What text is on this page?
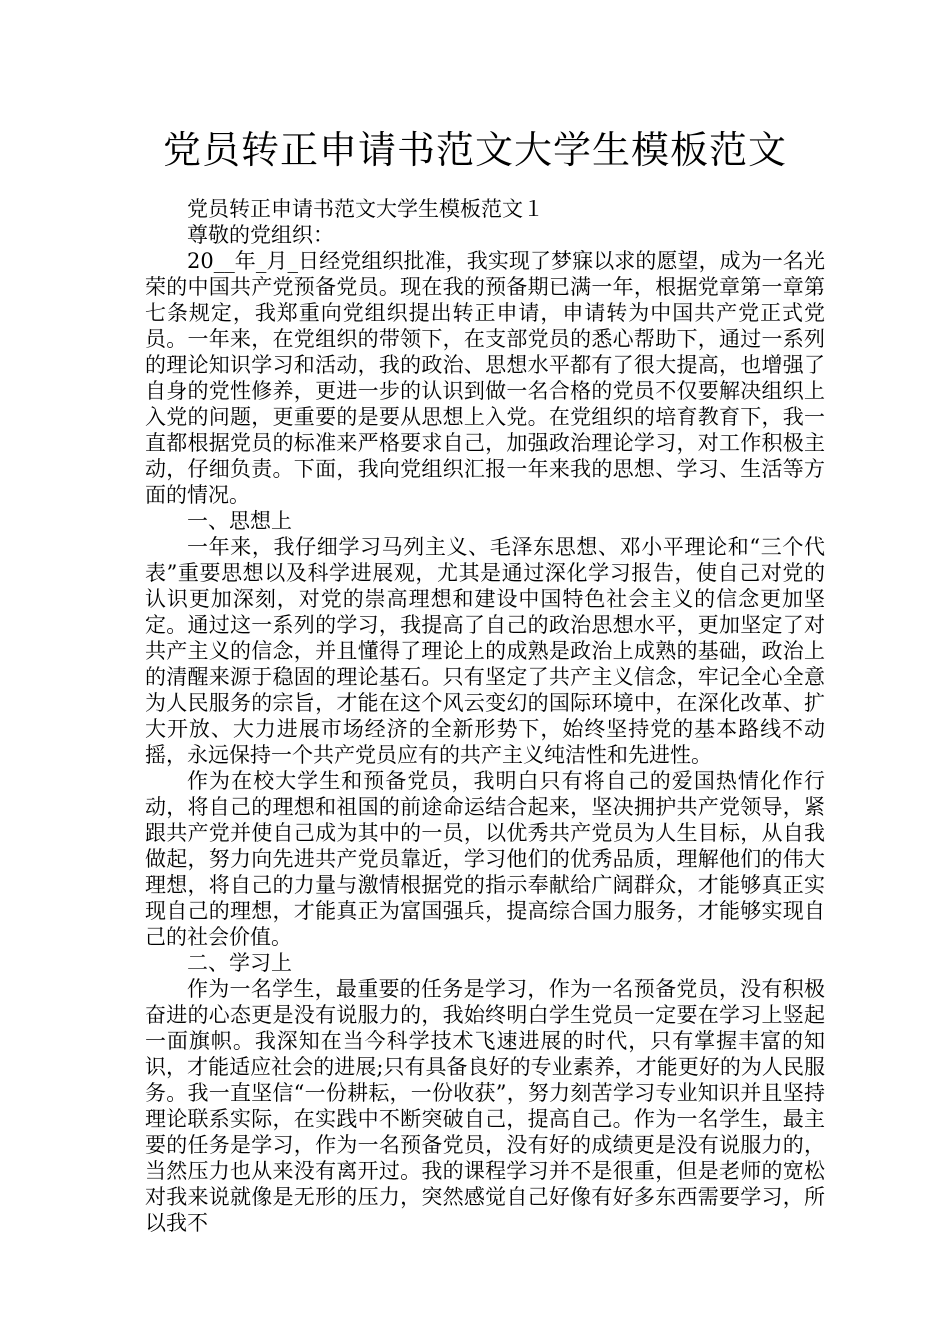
党员转正申请书范文大学生模板范文

党员转正申请书范文大学生模板范文１

尊敬的党组织：

20__年_月_日经党组织批准，我实现了梦寐以求的愿望，成为一名光荣的中国共产党预备党员。现在我的预备期已满一年，根据党章第一章第七条规定，我郑重向党组织提出转正申请，申请转为中国共产党正式党员。一年来，在党组织的带领下，在支部党员的悉心帮助下，通过一系列的理论知识学习和活动，我的政治、思想水平都有了很大提高，也增强了自身的党性修养，更进一步的认识到做一名合格的党员不仅要解决组织上入党的问题，更重要的是要从思想上入党。在党组织的培育教育下，我一直都根据党员的标准来严格要求自己，加强政治理论学习，对工作积极主动，仔细负责。下面，我向党组织汇报一年来我的思想、学习、生活等方面的情况。

一、思想上

一年来，我仔细学习马列主义、毛泽东思想、邓小平理论和“三个代表”重要思想以及科学进展观，尤其是通过深化学习报告，使自己对党的认识更加深刻，对党的崇高理想和建设中国特色社会主义的信念更加坚定。通过这一系列的学习，我提高了自己的政治思想水平，更加坚定了对共产主义的信念，并且懂得了理论上的成熟是政治上成熟的基础，政治上的清醒来源于稳固的理论基石。只有坚定了共产主义信念，牢记全心全意为人民服务的宗旨，才能在这个风云变幻的国际环境中，在深化改革、扩大开放、大力进展市场经济的全新形势下，始终坚持党的基本路线不动摇，永远保持一个共产党员应有的共产主义纯洁性和先进性。

作为在校大学生和预备党员，我明白只有将自己的爱国热情化作行动，将自己的理想和祖国的前途命运结合起来，坚决拥护共产党领导，紧跟共产党并使自己成为其中的一员，以优秀共产党员为人生目标，从自我做起，努力向先进共产党员靠近，学习他们的优秀品质，理解他们的伟大理想，将自己的力量与激情根据党的指示奉献给广阔群众，才能够真正实现自己的理想，才能真正为富国强兵，提高综合国力服务，才能够实现自己的社会价值。

二、学习上

作为一名学生，最重要的任务是学习，作为一名预备党员，没有积极奋进的心态更是没有说服力的，我始终明白学生党员一定要在学习上竖起一面旗帜。我深知在当今科学技术飞速进展的时代，只有掌握丰富的知识，才能适应社会的进展;只有具备良好的专业素养，才能更好的为人民服务。我一直坚信“一份耕耘，一份收获”，努力刻苦学习专业知识并且坚持理论联系实际，在实践中不断突破自己，提高自己。作为一名学生，最主要的任务是学习，作为一名预备党员，没有好的成绩更是没有说服力的，当然压力也从来没有离开过。我的课程学习并不是很重，但是老师的宽松对我来说就像是无形的压力，突然感觉自己好像有好多东西需要学习，所以我不
